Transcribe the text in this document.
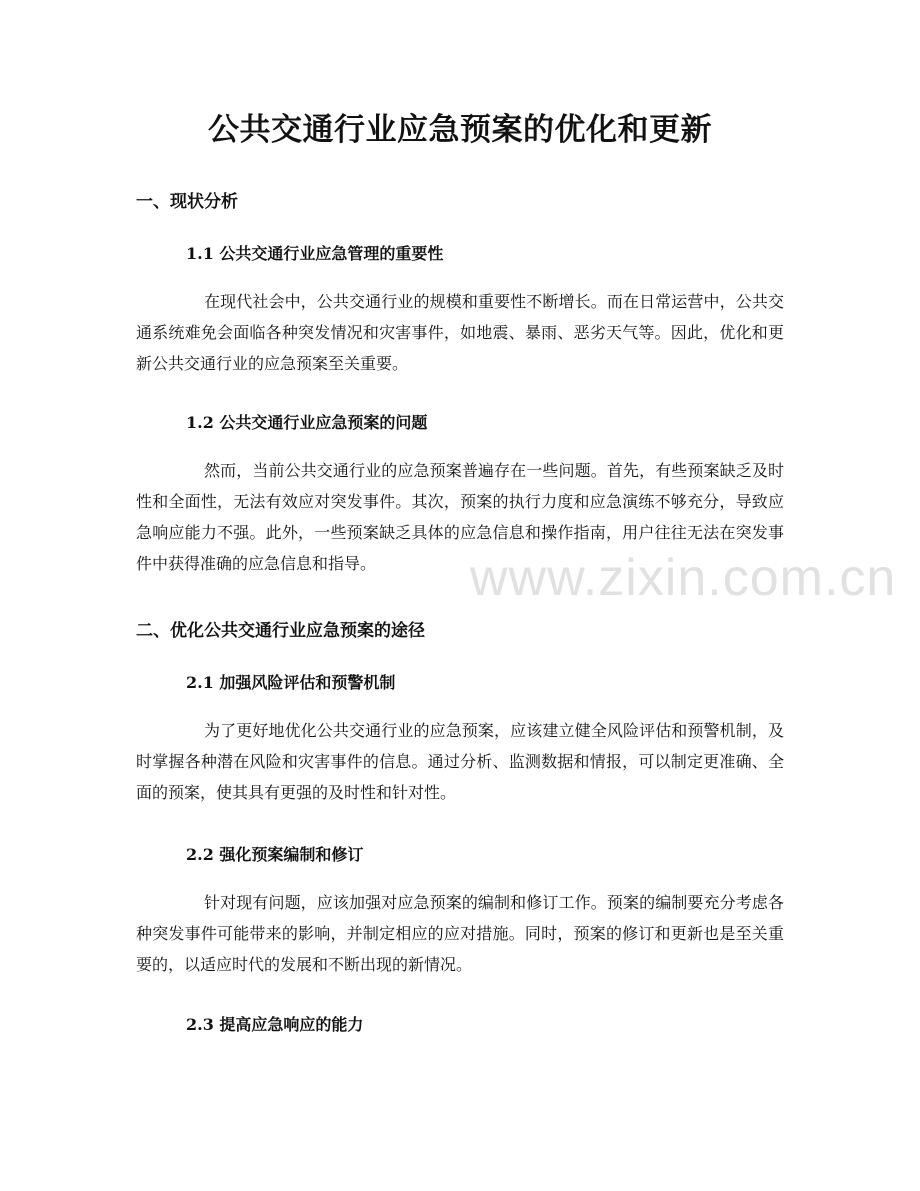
公共交通行业应急预案的优化和更新
一、现状分析
1.1 公共交通行业应急管理的重要性

在现代社会中，公共交通行业的规模和重要性不断增长。而在日常运营中，公共交通系统难免会面临各种突发情况和灾害事件，如地震、暴雨、恶劣天气等。因此，优化和更新公共交通行业的应急预案至关重要。

1.2 公共交通行业应急预案的问题

然而，当前公共交通行业的应急预案普遍存在一些问题。首先，有些预案缺乏及时性和全面性，无法有效应对突发事件。其次，预案的执行力度和应急演练不够充分，导致应急响应能力不强。此外，一些预案缺乏具体的应急信息和操作指南，用户往往无法在突发事件中获得准确的应急信息和指导。

二、优化公共交通行业应急预案的途径
2.1 加强风险评估和预警机制

为了更好地优化公共交通行业的应急预案，应该建立健全风险评估和预警机制，及时掌握各种潜在风险和灾害事件的信息。通过分析、监测数据和情报，可以制定更准确、全面的预案，使其具有更强的及时性和针对性。

2.2 强化预案编制和修订

针对现有问题，应该加强对应急预案的编制和修订工作。预案的编制要充分考虑各种突发事件可能带来的影响，并制定相应的应对措施。同时，预案的修订和更新也是至关重要的，以适应时代的发展和不断出现的新情况。

2.3 提高应急响应的能力
www.zixin.com.cn
